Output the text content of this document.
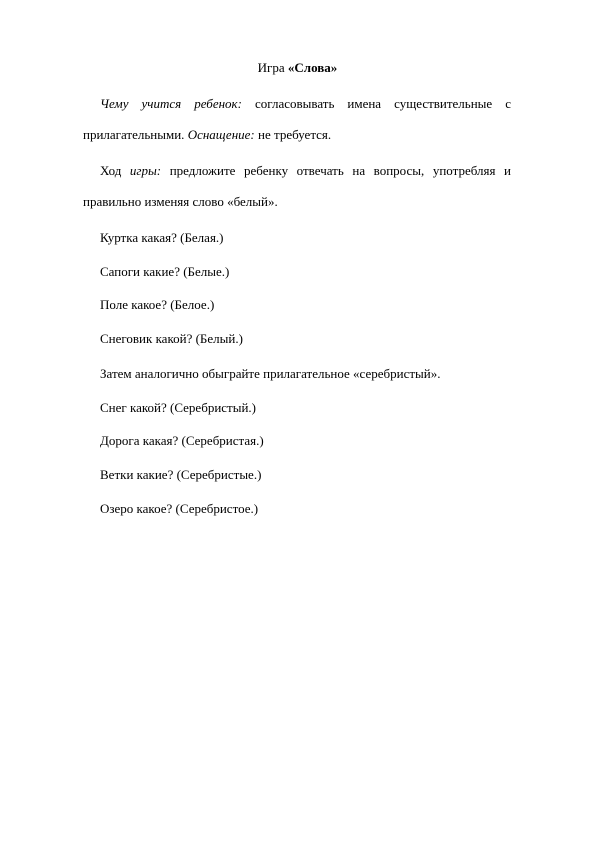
Игра «Слова»
Чему учится ребенок: согласовывать имена существительные с
прилагательными. Оснащение: не требуется.
Ход игры: предложите ребенку отвечать на вопросы, употребляя и
правильно изменяя слово «белый».
Куртка какая? (Белая.)
Сапоги какие? (Белые.)
Поле какое? (Белое.)
Снеговик какой? (Белый.)
Затем аналогично обыграйте прилагательное «серебристый».
Снег какой? (Серебристый.)
Дорога какая? (Серебристая.)
Ветки какие? (Серебристые.)
Озеро какое? (Серебристое.)
